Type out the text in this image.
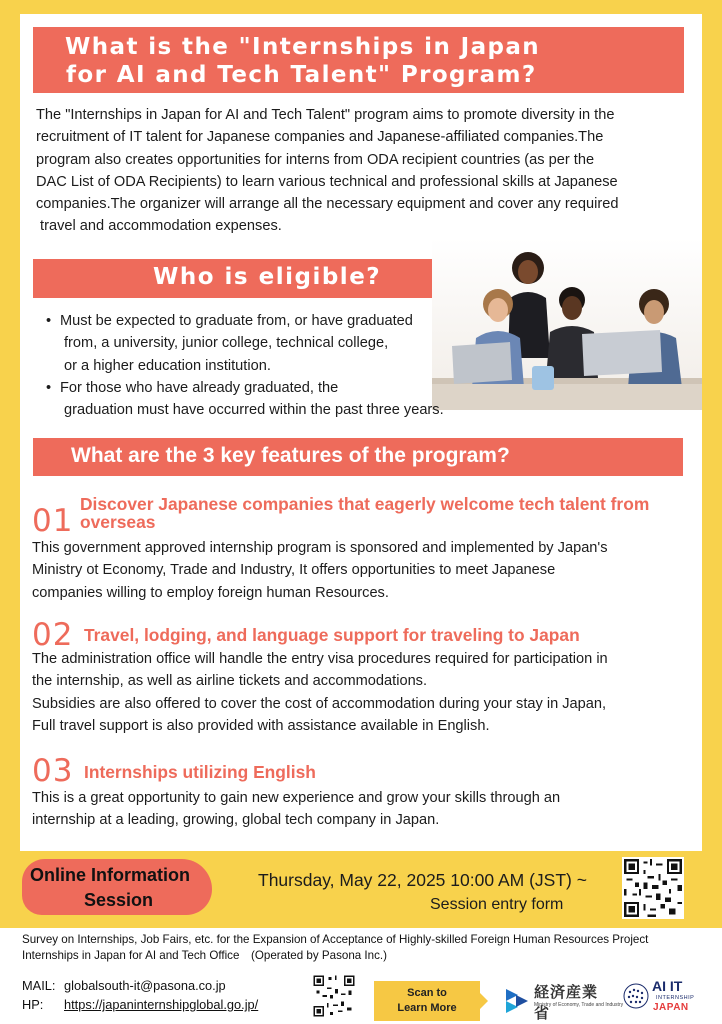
What is the "Internships in Japan
for AI and Tech Talent" Program?
The "Internships in Japan for AI and Tech Talent" program aims to promote diversity in the
recruitment of IT talent for Japanese companies and Japanese-affiliated companies.The
program also creates opportunities for interns from ODA recipient countries (as per the
DAC List of ODA Recipients) to learn various technical and professional skills at Japanese
companies.The organizer will arrange all the necessary equipment and cover any required
travel and accommodation expenses.
Who is eligible?
• Must be expected to graduate from, or have graduated
from, a university, junior college, technical college,
or a higher education institution.
• For those who have already graduated, the
graduation must have occurred within the past three years.
What are the 3 key features of the program?
01 Discover Japanese companies that eagerly welcome tech talent from overseas
This government approved internship program is sponsored and implemented by Japan's
Ministry ot Economy, Trade and Industry, It offers opportunities to meet Japanese
companies willing to employ foreign human Resources.
02 Travel, lodging, and language support for traveling to Japan
The administration office will handle the entry visa procedures required for participation in
the internship, as well as airline tickets and accommodations.
Subsidies are also offered to cover the cost of accommodation during your stay in Japan,
Full travel support is also provided with assistance available in English.
03 Internships utilizing English
This is a great opportunity to gain new experience and grow your skills through an
internship at a leading, growing, global tech company in Japan.
Online Information
Session
Thursday, May 22, 2025 10:00 AM (JST) ~
Session entry form
Survey on Internships, Job Fairs, etc. for the Expansion of Acceptance of Highly-skilled Foreign Human Resources Project
Internships in Japan for AI and Tech Office　(Operated by Pasona Inc.)
MAIL: globalsouth-it@pasona.co.jp
HP: https://japaninternshipglobal.go.jp/
Scan to
Learn More
経済産業省
Ministry of Economy, Trade and Industry
AI IT
INTERNSHIP
JAPAN
